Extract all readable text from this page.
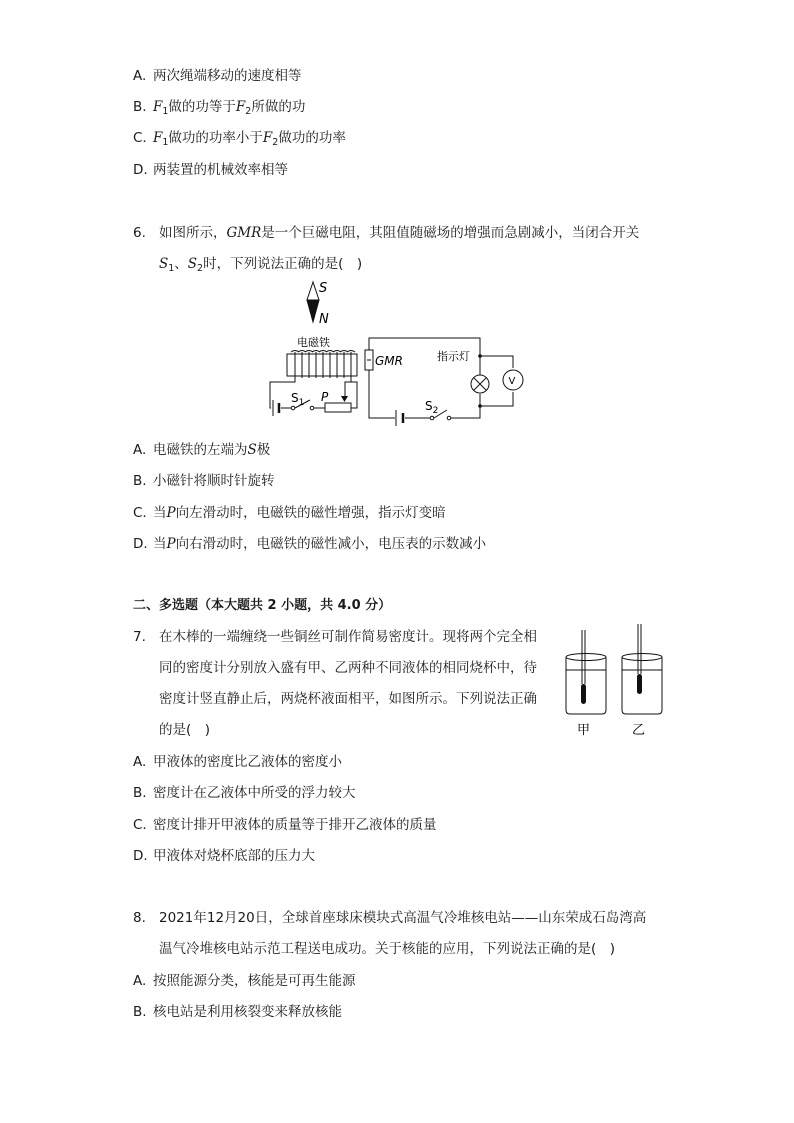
A. 两次绳端移动的速度相等
B. $F_1$做的功等于$F_2$所做的功
C. $F_1$做功的功率小于$F_2$做功的功率
D. 两装置的机械效率相等
6. 如图所示，GMR是一个巨磁电阻，其阻值随磁场的增强而急剧减小，当闭合开关
$S_1$、$S_2$时，下列说法正确的是(　)
S
N
电磁铁
$S_1$ P
GMR
$S_2$
指示灯
V
A. 电磁铁的左端为S极
B. 小磁针将顺时针旋转
C. 当P向左滑动时，电磁铁的磁性增强，指示灯变暗
D. 当P向右滑动时，电磁铁的磁性减小，电压表的示数减小
二、多选题（本大题共 2 小题，共 4.0 分）
7. 在木棒的一端缠绕一些铜丝可制作简易密度计。现将两个完全相
同的密度计分别放入盛有甲、乙两种不同液体的相同烧杯中，待
密度计竖直静止后，两烧杯液面相平，如图所示。下列说法正确
的是(　)	甲	乙
A. 甲液体的密度比乙液体的密度小
B. 密度计在乙液体中所受的浮力较大
C. 密度计排开甲液体的质量等于排开乙液体的质量
D. 甲液体对烧杯底部的压力大
8. 2021年12月20日，全球首座球床模块式高温气冷堆核电站——山东荣成石岛湾高
温气冷堆核电站示范工程送电成功。关于核能的应用，下列说法正确的是(　)
A. 按照能源分类，核能是可再生能源
B. 核电站是利用核裂变来释放核能
